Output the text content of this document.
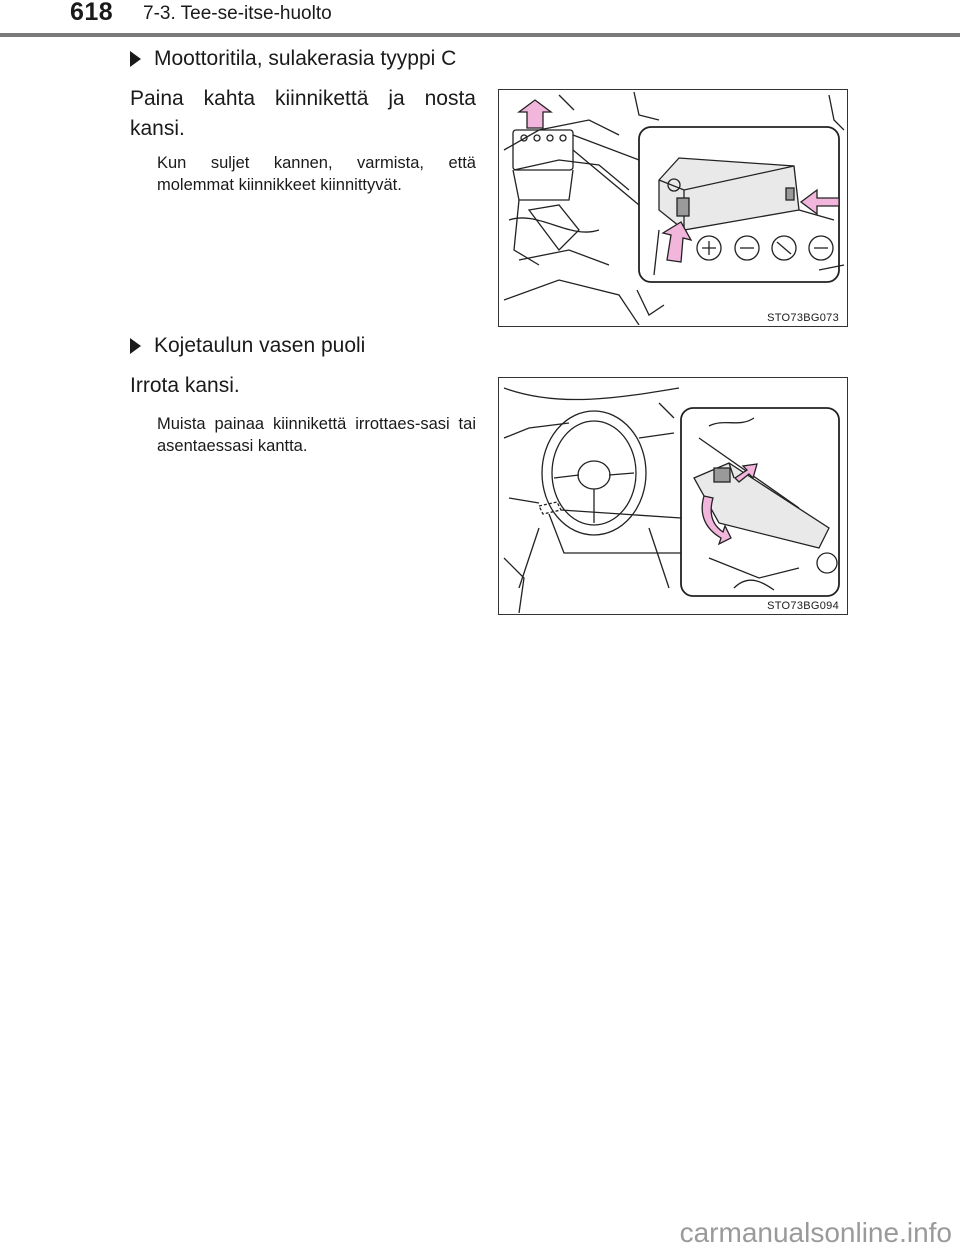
618 7-3. Tee-se-itse-huolto
Moottoritila, sulakerasia tyyppi C
Paina kahta kiinnikettä ja nosta kansi.
Kun suljet kannen, varmista, että molemmat kiinnikkeet kiinnittyvät.
STO73BG073
Kojetaulun vasen puoli
Irrota kansi.
Muista painaa kiinnikettä irrottaes-sasi tai asentaessasi kantta.
STO73BG094
carmanualsonline.info
